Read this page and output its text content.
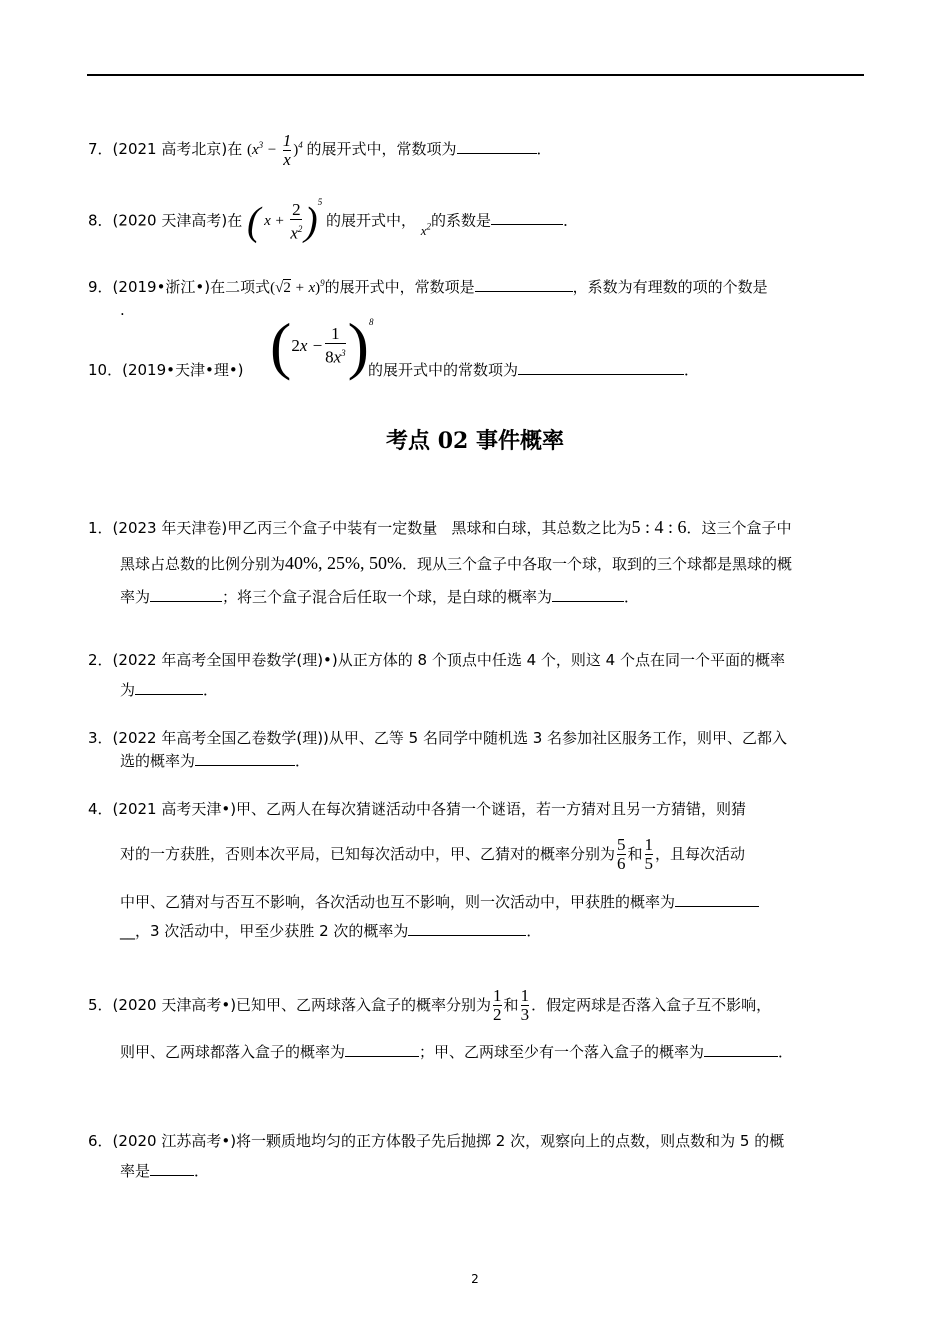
7．(2021 高考北京)在 $(x^3 - \frac{1}{x} )^4$ 的展开式中，常数项为	．
8．(2020 天津高考)在 ( $x + \frac{2}{x^2} )^5$ 的展开式中， $x^2$的系数是	．
9．(2019•浙江•)在二项式$(√2 + x)^9$的展开式中，常数项是	，系数为有理数的项的个数是
.
10．(2019•天津•理•) ( $2x - \frac{1}{8x^3} )^8$
的展开式中的常数项为	．
考点 02 事件概率
1．(2023 年天津卷)甲乙丙三个盒子中装有一定数量 黑球和白球，其总数之比为5 : 4 : 6．这三个盒子中
黑球占总数的比例分别为40%, 25%, 50%．现从三个盒子中各取一个球，取到的三个球都是黑球的概
率为	；将三个盒子混合后任取一个球，是白球的概率为	．
2．(2022 年高考全国甲卷数学(理)•)从正方体的 8 个顶点中任选 4 个，则这 4 个点在同一个平面的概率
为	．
3．(2022 年高考全国乙卷数学(理))从甲、乙等 5 名同学中随机选 3 名参加社区服务工作，则甲、乙都入
选的概率为	．
4．(2021 高考天津•)甲、乙两人在每次猜谜活动中各猜一个谜语，若一方猜对且另一方猜错，则猜
对的一方获胜，否则本次平局，已知每次活动中，甲、乙猜对的概率分别为 $\frac{5}{6}$ 和 $\frac{1}{5}$ ，且每次活动
中甲、乙猜对与否互不影响，各次活动也互不影响，则一次活动中，甲获胜的概率为
__，3 次活动中，甲至少获胜 2 次的概率为	．
5． (2020 天津高考•)已知甲、乙两球落入盒子的概率分别为 $\frac{1}{2}$ 和 $\frac{1}{3}$ ．假定两球是否落入盒子互不影响，
则甲、乙两球都落入盒子的概率为	；甲、乙两球至少有一个落入盒子的概率为	．
6．(2020 江苏高考•)将一颗质地均匀的正方体骰子先后抛掷 2 次，观察向上的点数，则点数和为 5 的概
率是	．
2
